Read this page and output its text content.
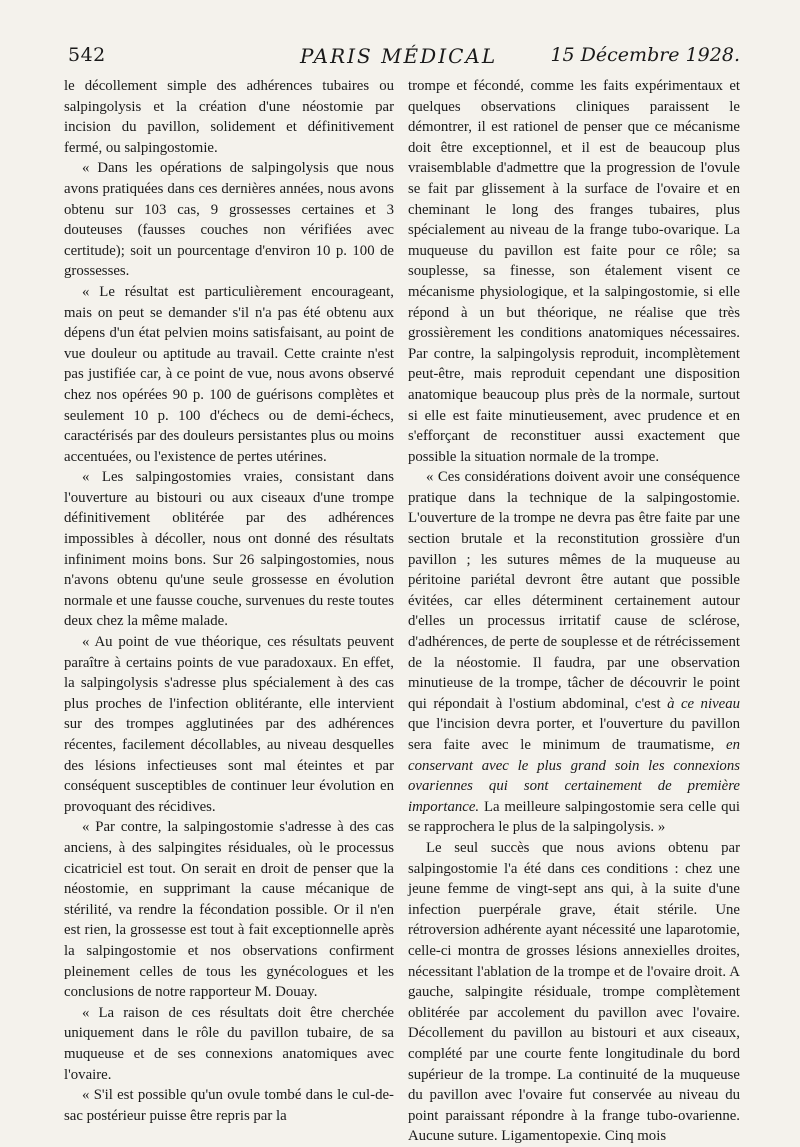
542	PARIS MÉDICAL	15 Décembre 1928.

le décollement simple des adhérences tubaires ou salpingolysis et la création d'une néostomie par incision du pavillon, solidement et définitivement fermé, ou salpingostomie.

« Dans les opérations de salpingolysis que nous avons pratiquées dans ces dernières années, nous avons obtenu sur 103 cas, 9 grossesses certaines et 3 douteuses (fausses couches non vérifiées avec certitude); soit un pourcentage d'environ 10 p. 100 de grossesses.

« Le résultat est particulièrement encourageant, mais on peut se demander s'il n'a pas été obtenu aux dépens d'un état pelvien moins satisfaisant, au point de vue douleur ou aptitude au travail. Cette crainte n'est pas justifiée car, à ce point de vue, nous avons observé chez nos opérées 90 p. 100 de guérisons complètes et seulement 10 p. 100 d'échecs ou de demi-échecs, caractérisés par des douleurs persistantes plus ou moins accentuées, ou l'existence de pertes utérines.

« Les salpingostomies vraies, consistant dans l'ouverture au bistouri ou aux ciseaux d'une trompe définitivement oblitérée par des adhérences impossibles à décoller, nous ont donné des résultats infiniment moins bons. Sur 26 salpingostomies, nous n'avons obtenu qu'une seule grossesse en évolution normale et une fausse couche, survenues du reste toutes deux chez la même malade.

« Au point de vue théorique, ces résultats peuvent paraître à certains points de vue paradoxaux. En effet, la salpingolysis s'adresse plus spécialement à des cas plus proches de l'infection oblitérante, elle intervient sur des trompes agglutinées par des adhérences récentes, facilement décollables, au niveau desquelles des lésions infectieuses sont mal éteintes et par conséquent susceptibles de continuer leur évolution en provoquant des récidives.

« Par contre, la salpingostomie s'adresse à des cas anciens, à des salpingites résiduales, où le processus cicatriciel est tout. On serait en droit de penser que la néostomie, en supprimant la cause mécanique de stérilité, va rendre la fécondation possible. Or il n'en est rien, la grossesse est tout à fait exceptionnelle après la salpingostomie et nos observations confirment pleinement celles de tous les gynécologues et les conclusions de notre rapporteur M. Douay.

« La raison de ces résultats doit être cherchée uniquement dans le rôle du pavillon tubaire, de sa muqueuse et de ses connexions anatomiques avec l'ovaire.

« S'il est possible qu'un ovule tombé dans le cul-de-sac postérieur puisse être repris par la

trompe et fécondé, comme les faits expérimentaux et quelques observations cliniques paraissent le démontrer, il est rationel de penser que ce mécanisme doit être exceptionnel, et il est de beaucoup plus vraisemblable d'admettre que la progression de l'ovule se fait par glissement à la surface de l'ovaire et en cheminant le long des franges tubaires, plus spécialement au niveau de la frange tubo-ovarique. La muqueuse du pavillon est faite pour ce rôle; sa souplesse, sa finesse, son étalement visent ce mécanisme physiologique, et la salpingostomie, si elle répond à un but théorique, ne réalise que très grossièrement les conditions anatomiques nécessaires. Par contre, la salpingolysis reproduit, incomplètement peut-être, mais reproduit cependant une disposition anatomique beaucoup plus près de la normale, surtout si elle est faite minutieusement, avec prudence et en s'efforçant de reconstituer aussi exactement que possible la situation normale de la trompe.

« Ces considérations doivent avoir une conséquence pratique dans la technique de la salpingostomie. L'ouverture de la trompe ne devra pas être faite par une section brutale et la reconstitution grossière d'un pavillon ; les sutures mêmes de la muqueuse au péritoine pariétal devront être autant que possible évitées, car elles déterminent certainement autour d'elles un processus irritatif cause de sclérose, d'adhérences, de perte de souplesse et de rétrécissement de la néostomie. Il faudra, par une observation minutieuse de la trompe, tâcher de découvrir le point qui répondait à l'ostium abdominal, c'est à ce niveau que l'incision devra porter, et l'ouverture du pavillon sera faite avec le minimum de traumatisme, en conservant avec le plus grand soin les connexions ovariennes qui sont certainement de première importance. La meilleure salpingostomie sera celle qui se rapprochera le plus de la salpingolysis. »

Le seul succès que nous avions obtenu par salpingostomie l'a été dans ces conditions : chez une jeune femme de vingt-sept ans qui, à la suite d'une infection puerpérale grave, était stérile. Une rétroversion adhérente ayant nécessité une laparotomie, celle-ci montra de grosses lésions annexielles droites, nécessitant l'ablation de la trompe et de l'ovaire droit. A gauche, salpingite résiduale, trompe complètement oblitérée par accolement du pavillon avec l'ovaire. Décollement du pavillon au bistouri et aux ciseaux, complété par une courte fente longitudinale du bord supérieur de la trompe. La continuité de la muqueuse du pavillon avec l'ovaire fut conservée au niveau du point paraissant répondre à la frange tubo-ovarienne. Aucune suture. Ligamentopexie. Cinq mois
